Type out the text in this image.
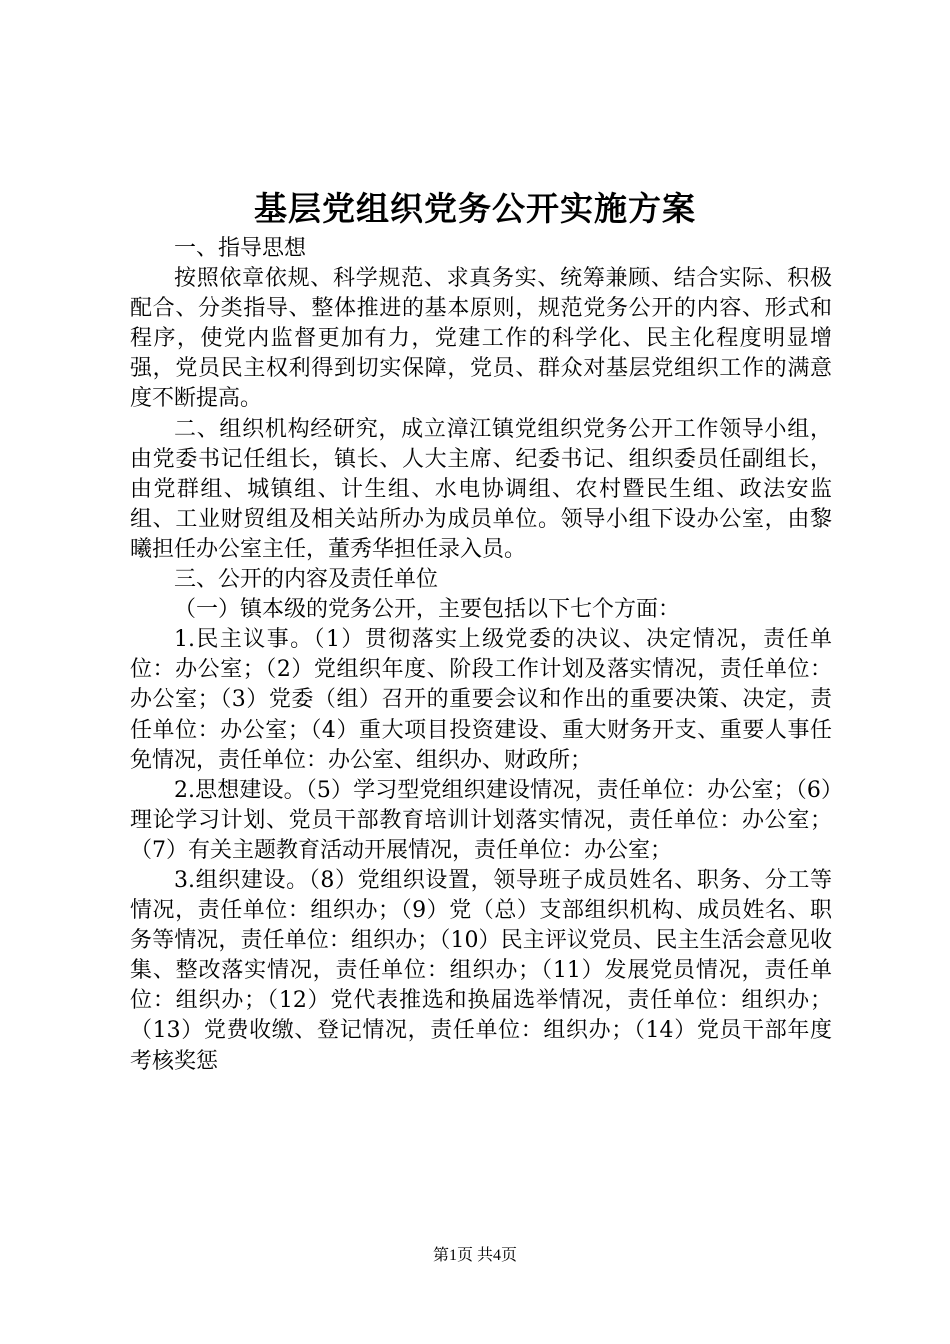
基层党组织党务公开实施方案

一、指导思想

按照依章依规、科学规范、求真务实、统筹兼顾、结合实际、积极配合、分类指导、整体推进的基本原则，规范党务公开的内容、形式和程序，使党内监督更加有力，党建工作的科学化、民主化程度明显增强，党员民主权利得到切实保障，党员、群众对基层党组织工作的满意度不断提高。

二、组织机构经研究，成立漳江镇党组织党务公开工作领导小组，由党委书记任组长，镇长、人大主席、纪委书记、组织委员任副组长，由党群组、城镇组、计生组、水电协调组、农村暨民生组、政法安监组、工业财贸组及相关站所办为成员单位。领导小组下设办公室，由黎曦担任办公室主任，董秀华担任录入员。

三、公开的内容及责任单位

（一）镇本级的党务公开，主要包括以下七个方面：

1.民主议事。（1）贯彻落实上级党委的决议、决定情况，责任单位：办公室；（2）党组织年度、阶段工作计划及落实情况，责任单位：办公室；（3）党委（组）召开的重要会议和作出的重要决策、决定，责任单位：办公室；（4）重大项目投资建设、重大财务开支、重要人事任免情况，责任单位：办公室、组织办、财政所；

2.思想建设。（5）学习型党组织建设情况，责任单位：办公室；（6）理论学习计划、党员干部教育培训计划落实情况，责任单位：办公室；（7）有关主题教育活动开展情况，责任单位：办公室；

3.组织建设。（8）党组织设置，领导班子成员姓名、职务、分工等情况，责任单位：组织办；（9）党（总）支部组织机构、成员姓名、职务等情况，责任单位：组织办；（10）民主评议党员、民主生活会意见收集、整改落实情况，责任单位：组织办；（11）发展党员情况，责任单位：组织办；（12）党代表推选和换届选举情况，责任单位：组织办；（13）党费收缴、登记情况，责任单位：组织办；（14）党员干部年度考核奖惩

第1页 共4页
